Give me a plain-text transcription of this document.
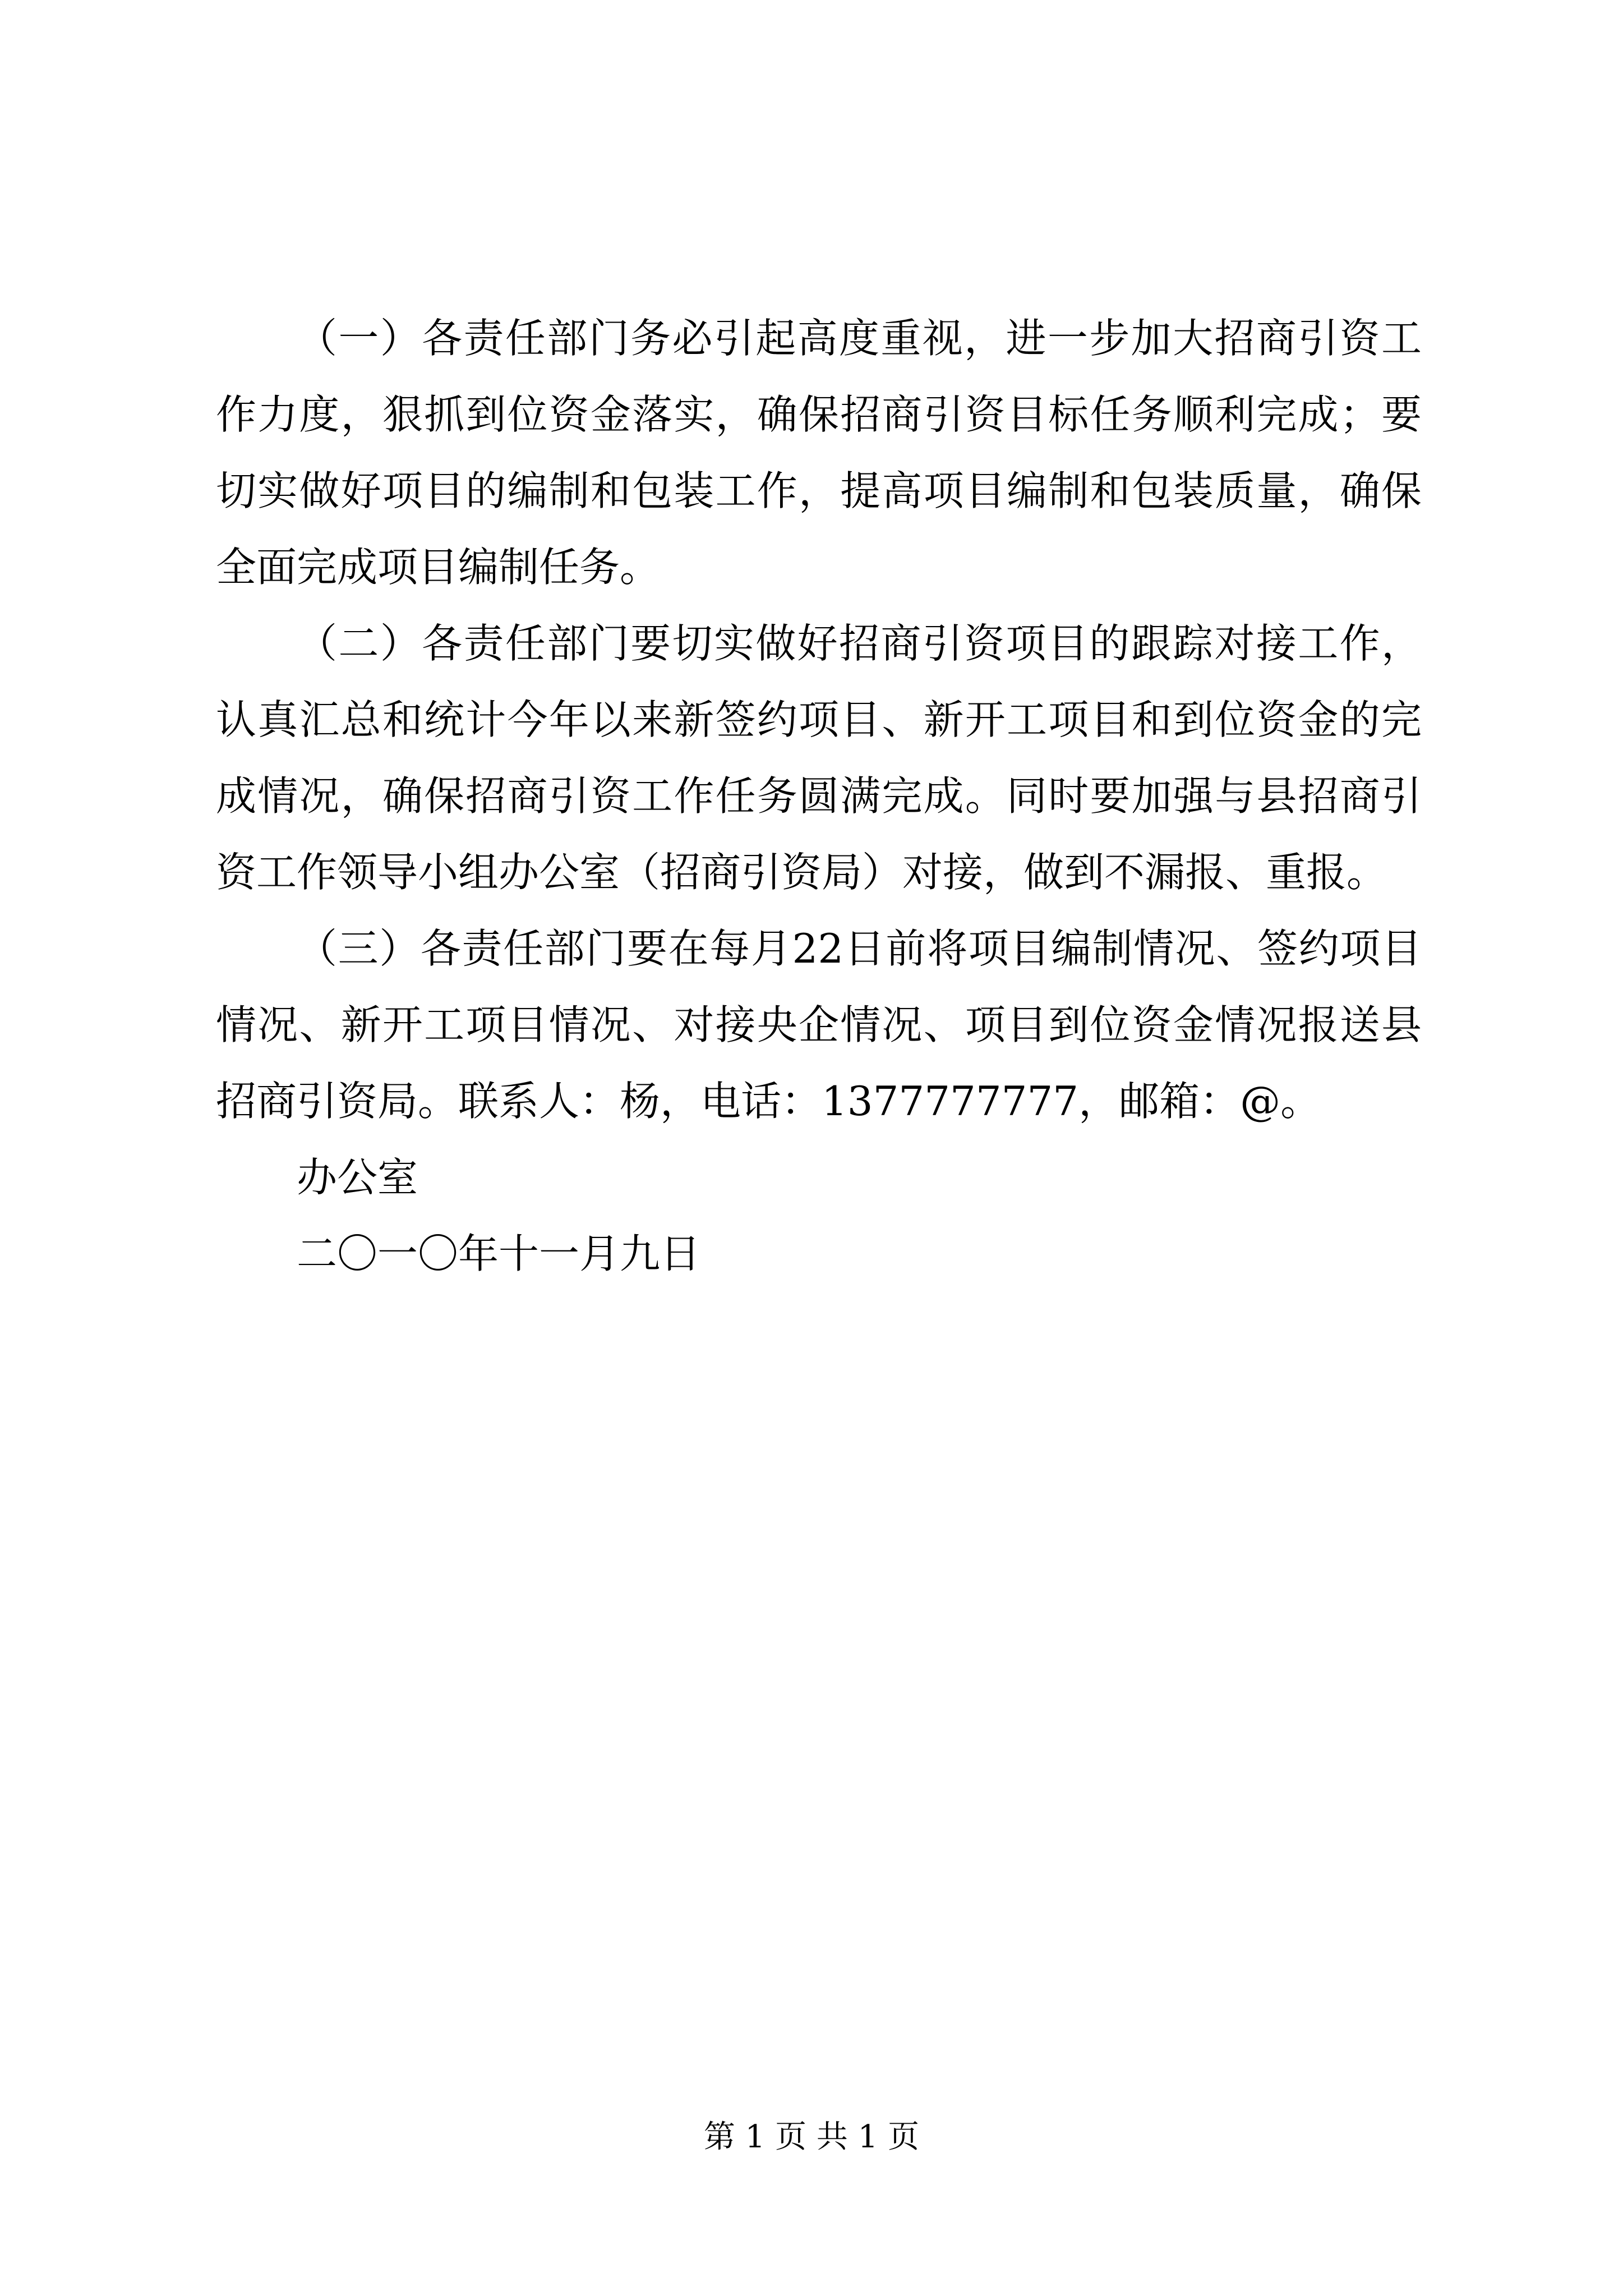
（一）各责任部门务必引起高度重视，进一步加大招商引资工作力度，狠抓到位资金落实，确保招商引资目标任务顺利完成；要切实做好项目的编制和包装工作，提高项目编制和包装质量，确保全面完成项目编制任务。

（二）各责任部门要切实做好招商引资项目的跟踪对接工作，认真汇总和统计今年以来新签约项目、新开工项目和到位资金的完成情况，确保招商引资工作任务圆满完成。同时要加强与县招商引资工作领导小组办公室（招商引资局）对接，做到不漏报、重报。

（三）各责任部门要在每月22日前将项目编制情况、签约项目情况、新开工项目情况、对接央企情况、项目到位资金情况报送县招商引资局。联系人：杨，电话：1377777777，邮箱：@。

办公室
二〇一〇年十一月九日
第 1 页 共 1 页
